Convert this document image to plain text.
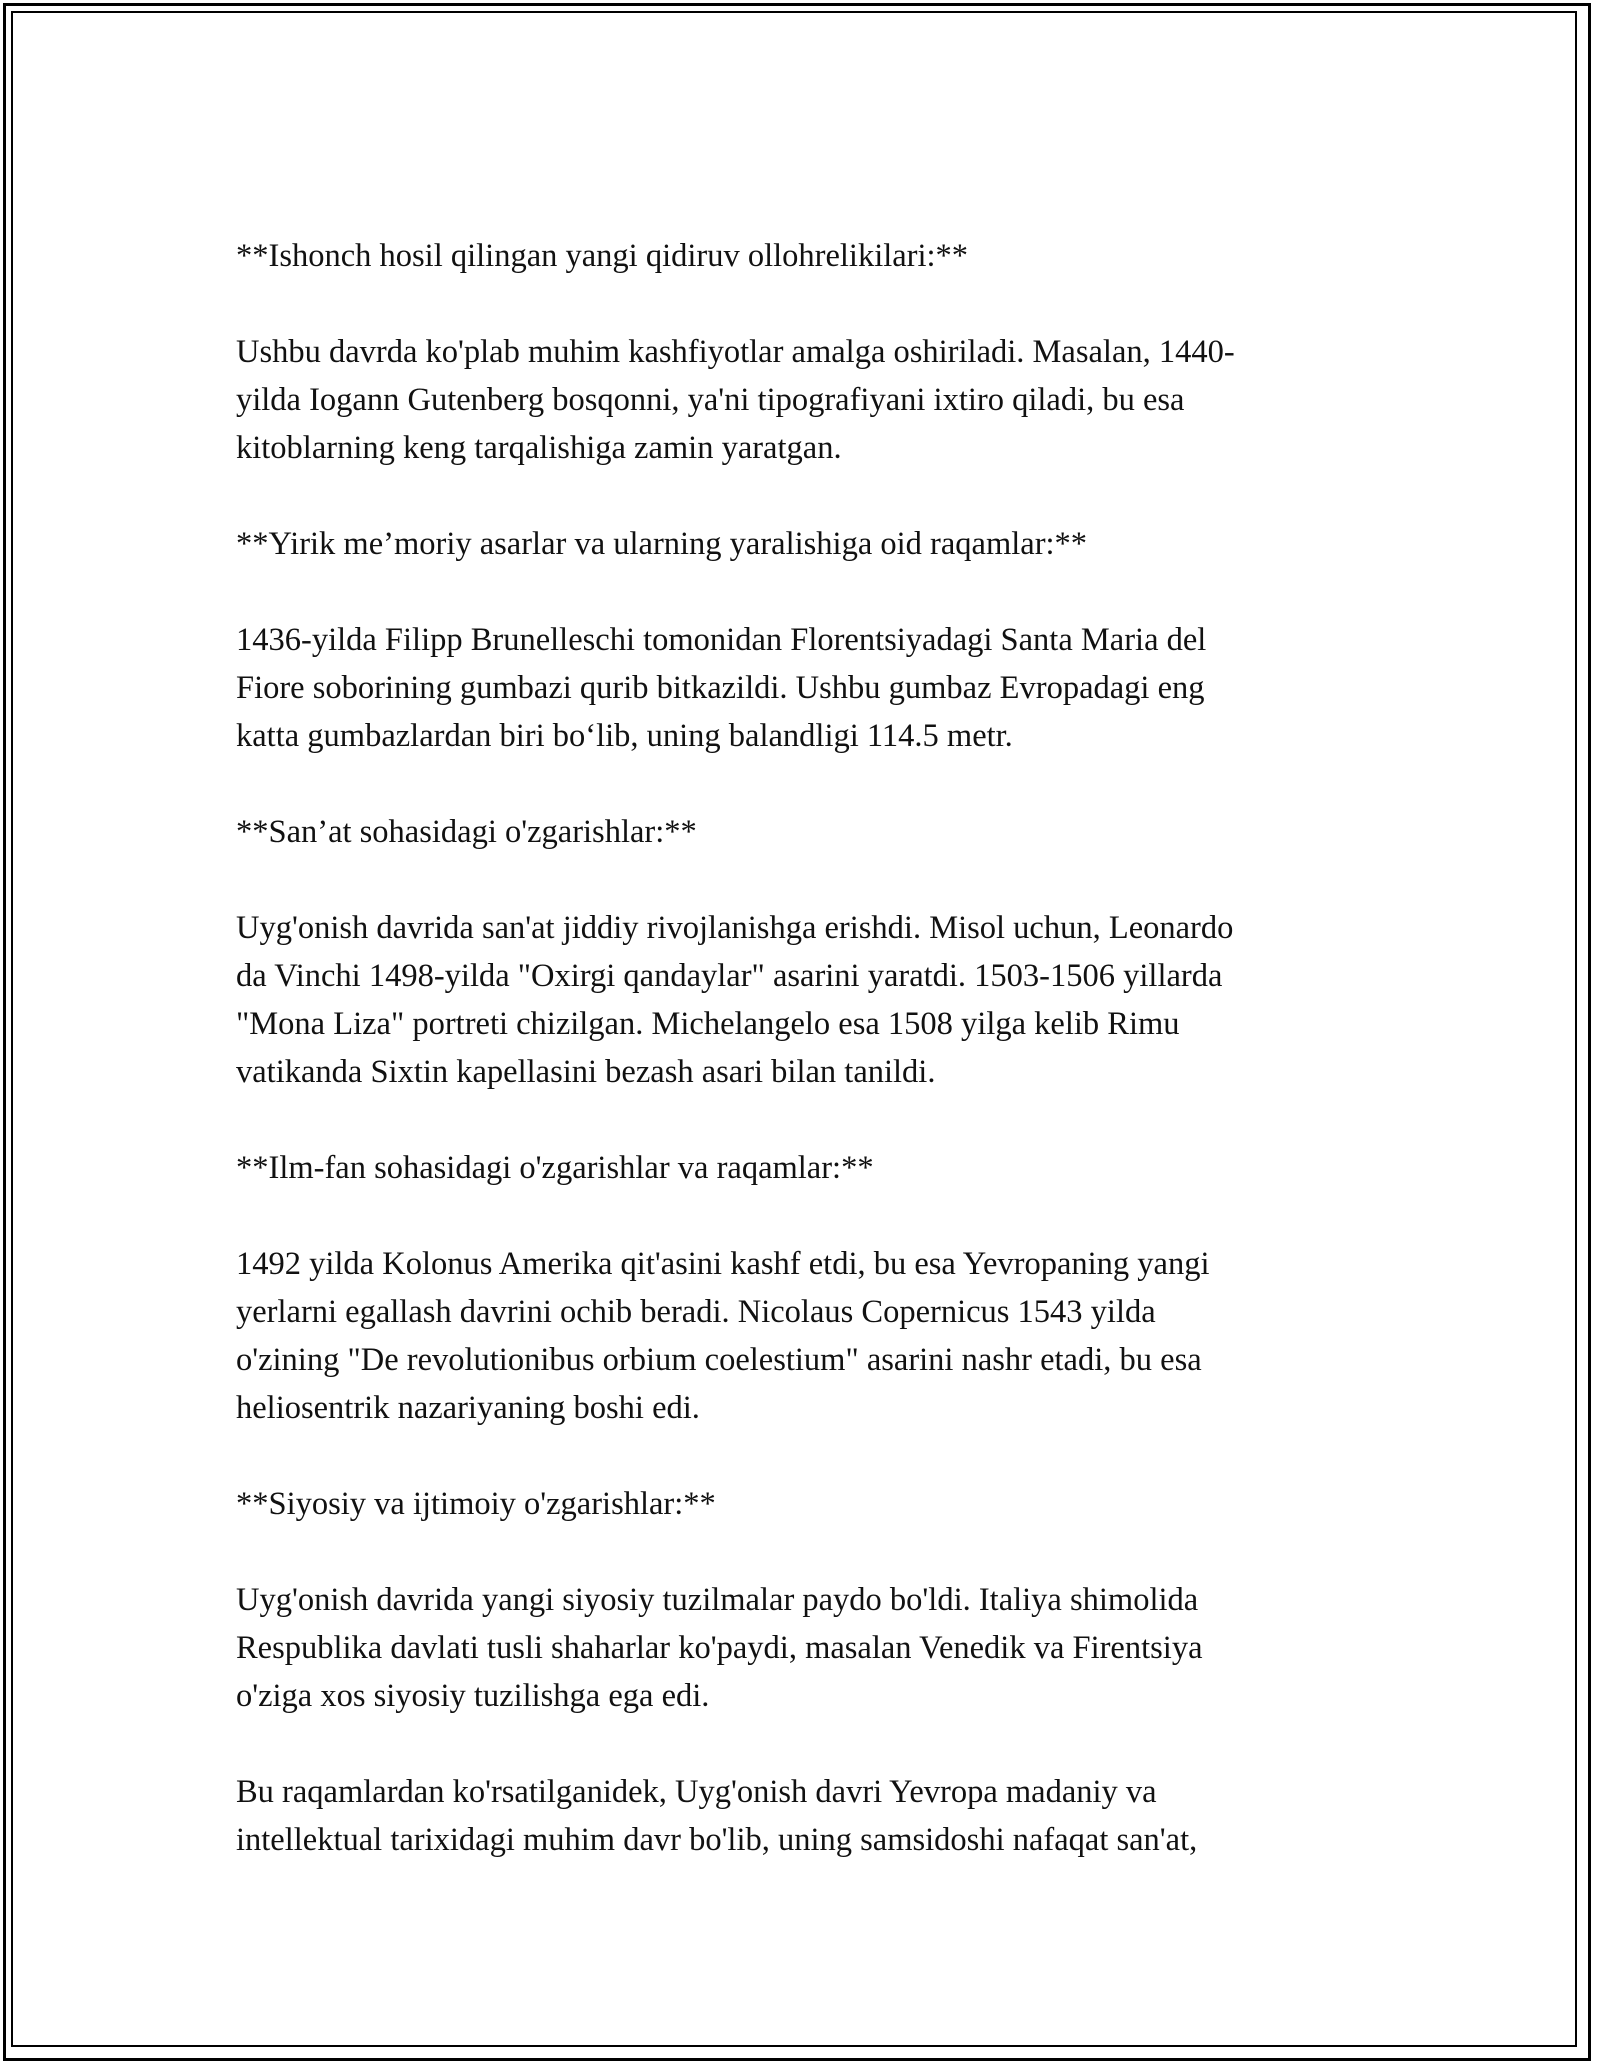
**Ishonch hosil qilingan yangi qidiruv ollohrelikilari:**

Ushbu davrda ko'plab muhim kashfiyotlar amalga oshiriladi. Masalan, 1440-
yilda Iogann Gutenberg bosqonni, ya'ni tipografiyani ixtiro qiladi, bu esa
kitoblarning keng tarqalishiga zamin yaratgan.

**Yirik me’moriy asarlar va ularning yaralishiga oid raqamlar:**

1436-yilda Filipp Brunelleschi tomonidan Florentsiyadagi Santa Maria del
Fiore soborining gumbazi qurib bitkazildi. Ushbu gumbaz Evropadagi eng
katta gumbazlardan biri bo‘lib, uning balandligi 114.5 metr.

**San’at sohasidagi o'zgarishlar:**

Uyg'onish davrida san'at jiddiy rivojlanishga erishdi. Misol uchun, Leonardo
da Vinchi 1498-yilda "Oxirgi qandaylar" asarini yaratdi. 1503-1506 yillarda
"Mona Liza" portreti chizilgan. Michelangelo esa 1508 yilga kelib Rimu
vatikanda Sixtin kapellasini bezash asari bilan tanildi.

**Ilm-fan sohasidagi o'zgarishlar va raqamlar:**

1492 yilda Kolonus Amerika qit'asini kashf etdi, bu esa Yevropaning yangi
yerlarni egallash davrini ochib beradi. Nicolaus Copernicus 1543 yilda
o'zining "De revolutionibus orbium coelestium" asarini nashr etadi, bu esa
heliosentrik nazariyaning boshi edi.

**Siyosiy va ijtimoiy o'zgarishlar:**

Uyg'onish davrida yangi siyosiy tuzilmalar paydo bo'ldi. Italiya shimolida
Respublika davlati tusli shaharlar ko'paydi, masalan Venedik va Firentsiya
o'ziga xos siyosiy tuzilishga ega edi.

Bu raqamlardan ko'rsatilganidek, Uyg'onish davri Yevropa madaniy va
intellektual tarixidagi muhim davr bo'lib, uning samsidoshi nafaqat san'at,
